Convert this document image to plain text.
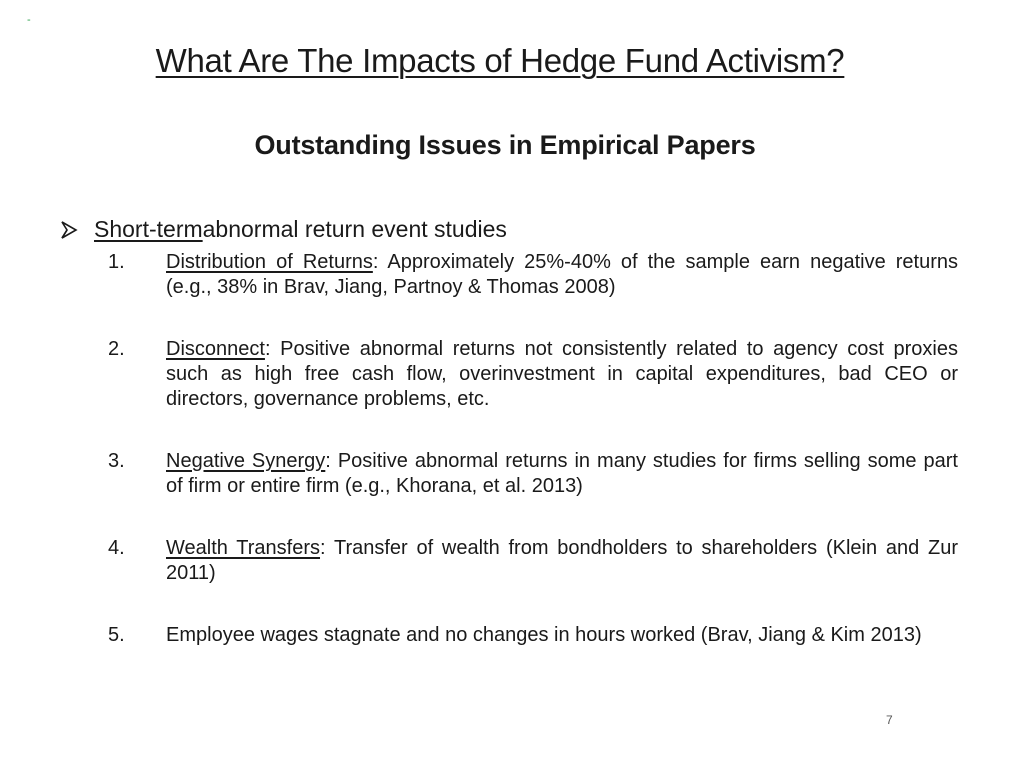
-
What Are The Impacts of Hedge Fund Activism?
Outstanding Issues in Empirical Papers
Short-term abnormal return event studies
1. Distribution of Returns: Approximately 25%-40% of the sample earn negative returns (e.g., 38% in Brav, Jiang, Partnoy & Thomas 2008)
2. Disconnect: Positive abnormal returns not consistently related to agency cost proxies such as high free cash flow, overinvestment in capital expenditures, bad CEO or directors, governance problems, etc.
3. Negative Synergy: Positive abnormal returns in many studies for firms selling some part of firm or entire firm (e.g., Khorana, et al. 2013)
4. Wealth Transfers: Transfer of wealth from bondholders to shareholders (Klein and Zur 2011)
5. Employee wages stagnate and no changes in hours worked (Brav, Jiang & Kim 2013)
7
